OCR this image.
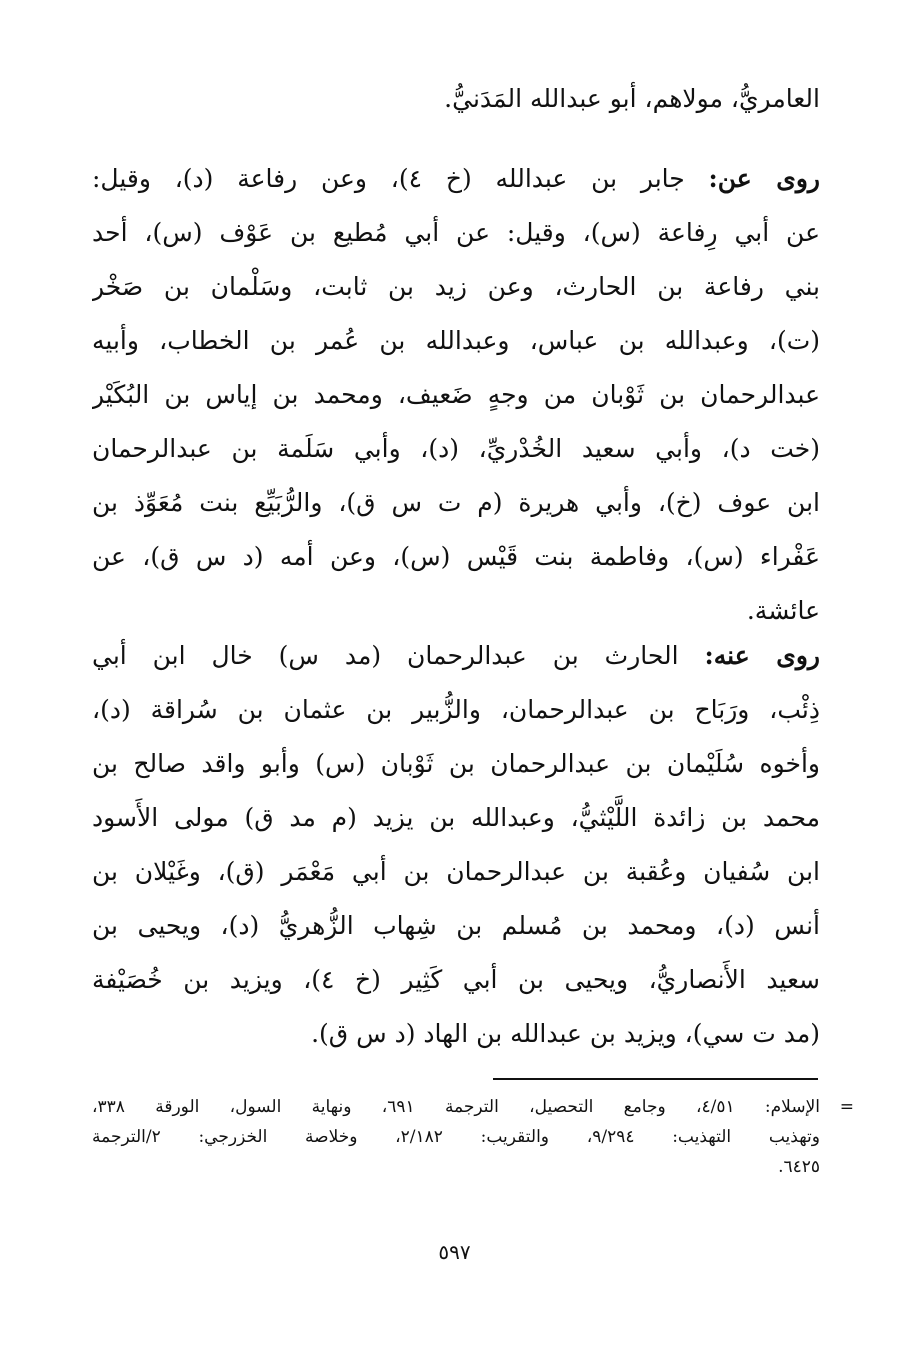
العامريُّ، مولاهم، أبو عبدالله المَدَنيُّ.
روى عن: جابر بن عبدالله (خ ٤)، وعن رفاعة (د)، وقيل:
عن أبي رِفاعة (س)، وقيل: عن أبي مُطيع بن عَوْف (س)، أحد
بني رفاعة بن الحارث، وعن زيد بن ثابت، وسَلْمان بن صَخْر
(ت)، وعبدالله بن عباس، وعبدالله بن عُمر بن الخطاب، وأبيه
عبدالرحمان بن ثَوْبان من وجهٍ ضَعيف، ومحمد بن إياس بن البُكَيْر
(خت د)، وأبي سعيد الخُدْريِّ، (د)، وأبي سَلَمة بن عبدالرحمان
ابن عوف (خ)، وأبي هريرة (م ت س ق)، والرُّبَيِّع بنت مُعَوِّذ بن
عَفْراء (س)، وفاطمة بنت قَيْس (س)، وعن أمه (د س ق)، عن
عائشة.
روى عنه: الحارث بن عبدالرحمان (مد س) خال ابن أبي
ذِئْب، ورَبَاح بن عبدالرحمان، والزُّبير بن عثمان بن سُراقة (د)،
وأخوه سُلَيْمان بن عبدالرحمان بن ثَوْبان (س) وأبو واقد صالح بن
محمد بن زائدة اللَّيْثيُّ، وعبدالله بن يزيد (م مد ق) مولى الأَسود
ابن سُفيان وعُقبة بن عبدالرحمان بن أبي مَعْمَر (ق)، وغَيْلان بن
أنس (د)، ومحمد بن مُسلم بن شِهاب الزُّهريُّ (د)، ويحيى بن
سعيد الأَنصاريُّ، ويحيى بن أبي كَثِير (خ ٤)، ويزيد بن خُصَيْفة
(مد ت سي)، ويزيد بن عبدالله بن الهاد (د س ق).
=
الإسلام: ٤/٥١، وجامع التحصيل، الترجمة ٦٩١، ونهاية السول، الورقة ٣٣٨،
وتهذيب التهذيب: ٩/٢٩٤، والتقريب: ٢/١٨٢، وخلاصة الخزرجي: ٢/الترجمة
٦٤٢٥.
٥٩٧
